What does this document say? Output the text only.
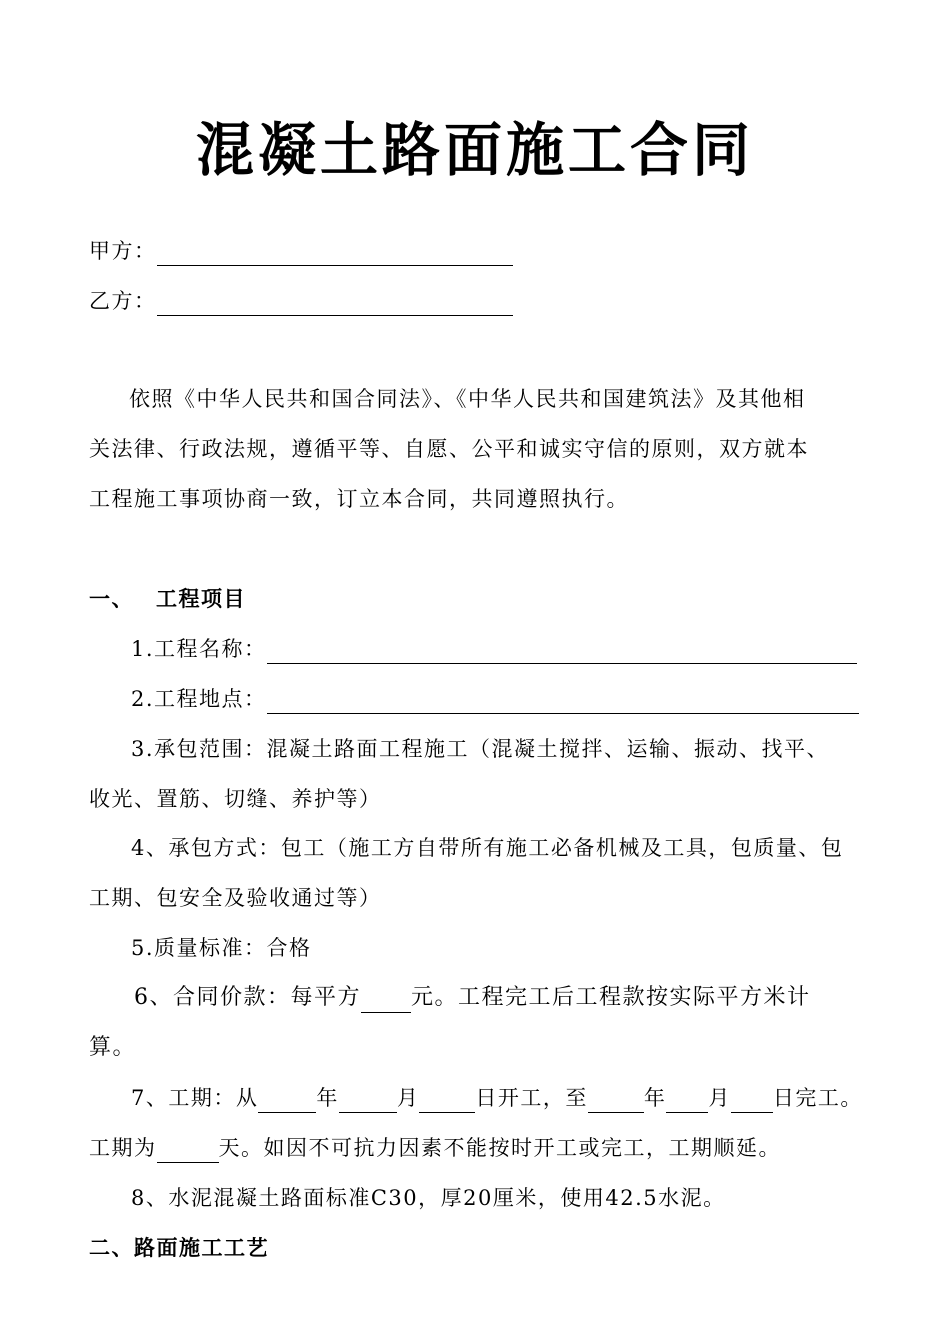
混凝土路面施工合同
甲方：
乙方：
依照《中华人民共和国合同法》、《中华人民共和国建筑法》及其他相
关法律、行政法规，遵循平等、自愿、公平和诚实守信的原则，双方就本
工程施工事项协商一致，订立本合同，共同遵照执行。
一、 工程项目
1.工程名称：
2.工程地点：
3.承包范围：混凝土路面工程施工（混凝土搅拌、运输、振动、找平、
收光、置筋、切缝、养护等）
4、承包方式：包工（施工方自带所有施工必备机械及工具，包质量、包
工期、包安全及验收通过等）
5.质量标准：合格
6、合同价款：每平方 元。工程完工后工程款按实际平方米计
算。
7、工期：从	年	月	日开工，至	年 月 日完工。
工期为	天。如因不可抗力因素不能按时开工或完工，工期顺延。
8、水泥混凝土路面标准C30，厚20厘米，使用42.5水泥。
二、路面施工工艺
